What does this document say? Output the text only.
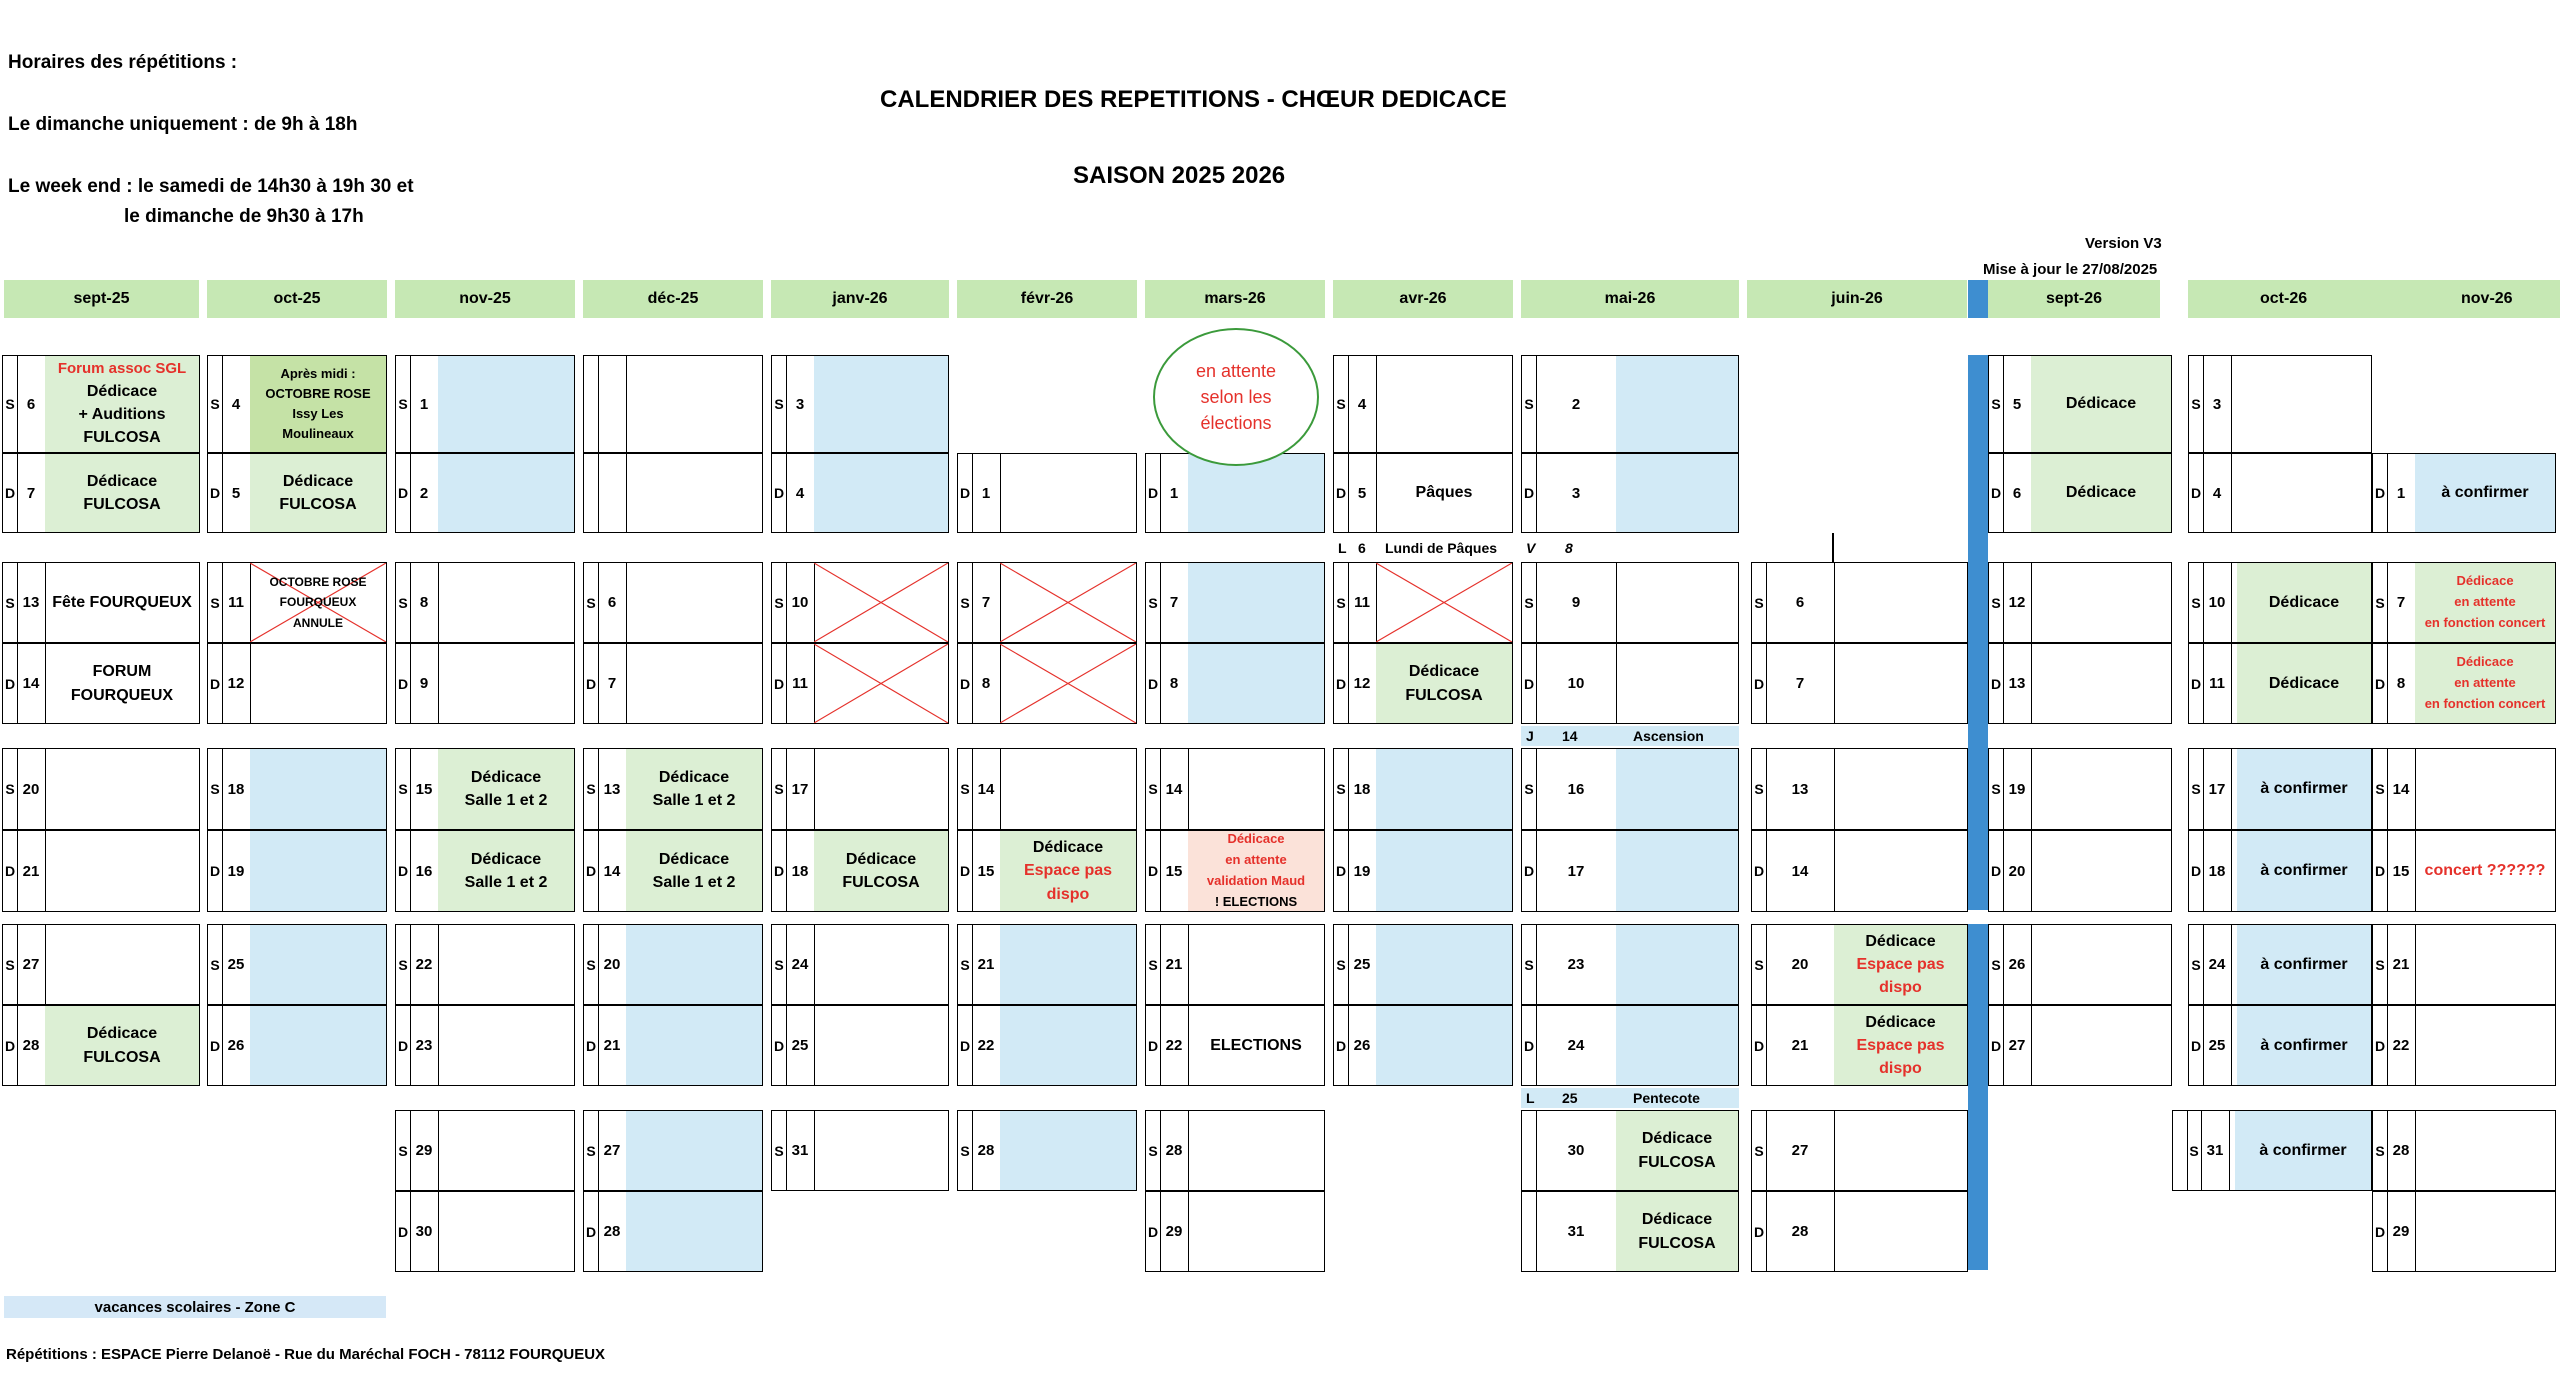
Horaires des répétitions :
Le dimanche uniquement : de 9h à 18h
Le week end : le samedi de 14h30 à 19h 30 et
le dimanche de 9h30 à 17h
CALENDRIER DES REPETITIONS - CHŒUR DEDICACE
SAISON 2025 2026
Version V3
Mise à jour le 27/08/2025
sept-25	oct-25	nov-25	déc-25	janv-26	févr-26	mars-26	avr-26	mai-26	juin-26	sept-26	oct-26	nov-26
S 6
Forum assoc SGL
Dédicace
+ Auditions
FULCOSA
D 7
Dédicace
FULCOSA
S 13 Fête FOURQUEUX
D 14
FORUM
FOURQUEUX
S 20
D 21
S 27
D 28
Dédicace
FULCOSA
S 4
Après midi :
OCTOBRE ROSE
Issy Les
Moulineaux
D 5
Dédicace
FULCOSA
S 11
OCTOBRE ROSE
FOURQUEUX
ANNULE
D 12
S 18
D 19
S 25
D 26
S 1
D 2
S 8
D 9
S 15
Dédicace
Salle 1 et 2
D 16
Dédicace
Salle 1 et 2
S 22
D 23
S 29
D 30
S 6
D 7
S 13
Dédicace
Salle 1 et 2
D 14
Dédicace
Salle 1 et 2
S 20
D 21
S 27
D 28
S 3
D 4
S 10
D 11
S 17
D 18
Dédicace
FULCOSA
S 24
D 25
S 31
D 1
S 7
D 8
S 14
D 15
Dédicace
Espace pas dispo
S 21
D 22
S 28
D 1
en attente
selon les
élections
S 7
D 8
S 14
D 15
Dédicace
en attente
validation Maud
! ELECTIONS
S 21
D 22	ELECTIONS
S 28
D 29
S 4
D 5	Pâques
L 6 Lundi de Pâques
S 11
D 12
Dédicace
FULCOSA
S 18
D 19
S 25
D 26
S	2
D	3
V 8
S	9
D	10
J 14	Ascension
S	16
D	17
S	23
D	24
L 25	Pentecote
30
Dédicace
FULCOSA
31
Dédicace
FULCOSA
S	6
D	7
S	13
D	14
S	20
Dédicace
Espace pas dispo
D	21
Dédicace
Espace pas dispo
S	27
D	28
S 5	Dédicace
D 6	Dédicace
S 12
D 13
S 19
D 20
S 26
D 27
S 3
D 4
S 10	Dédicace
D 11	Dédicace
S 17	à confirmer
D 18	à confirmer
S 24	à confirmer
D 25	à confirmer
S 31	à confirmer
D 1	à confirmer
S 7
Dédicace
en attente
en fonction concert
D 8
Dédicace
en attente
en fonction concert
S 14
D 15 concert ??????
S 21
D 22
S 28
D 29
vacances scolaires - Zone C
Répétitions : ESPACE Pierre Delanoë - Rue du Maréchal FOCH - 78112 FOURQUEUX
